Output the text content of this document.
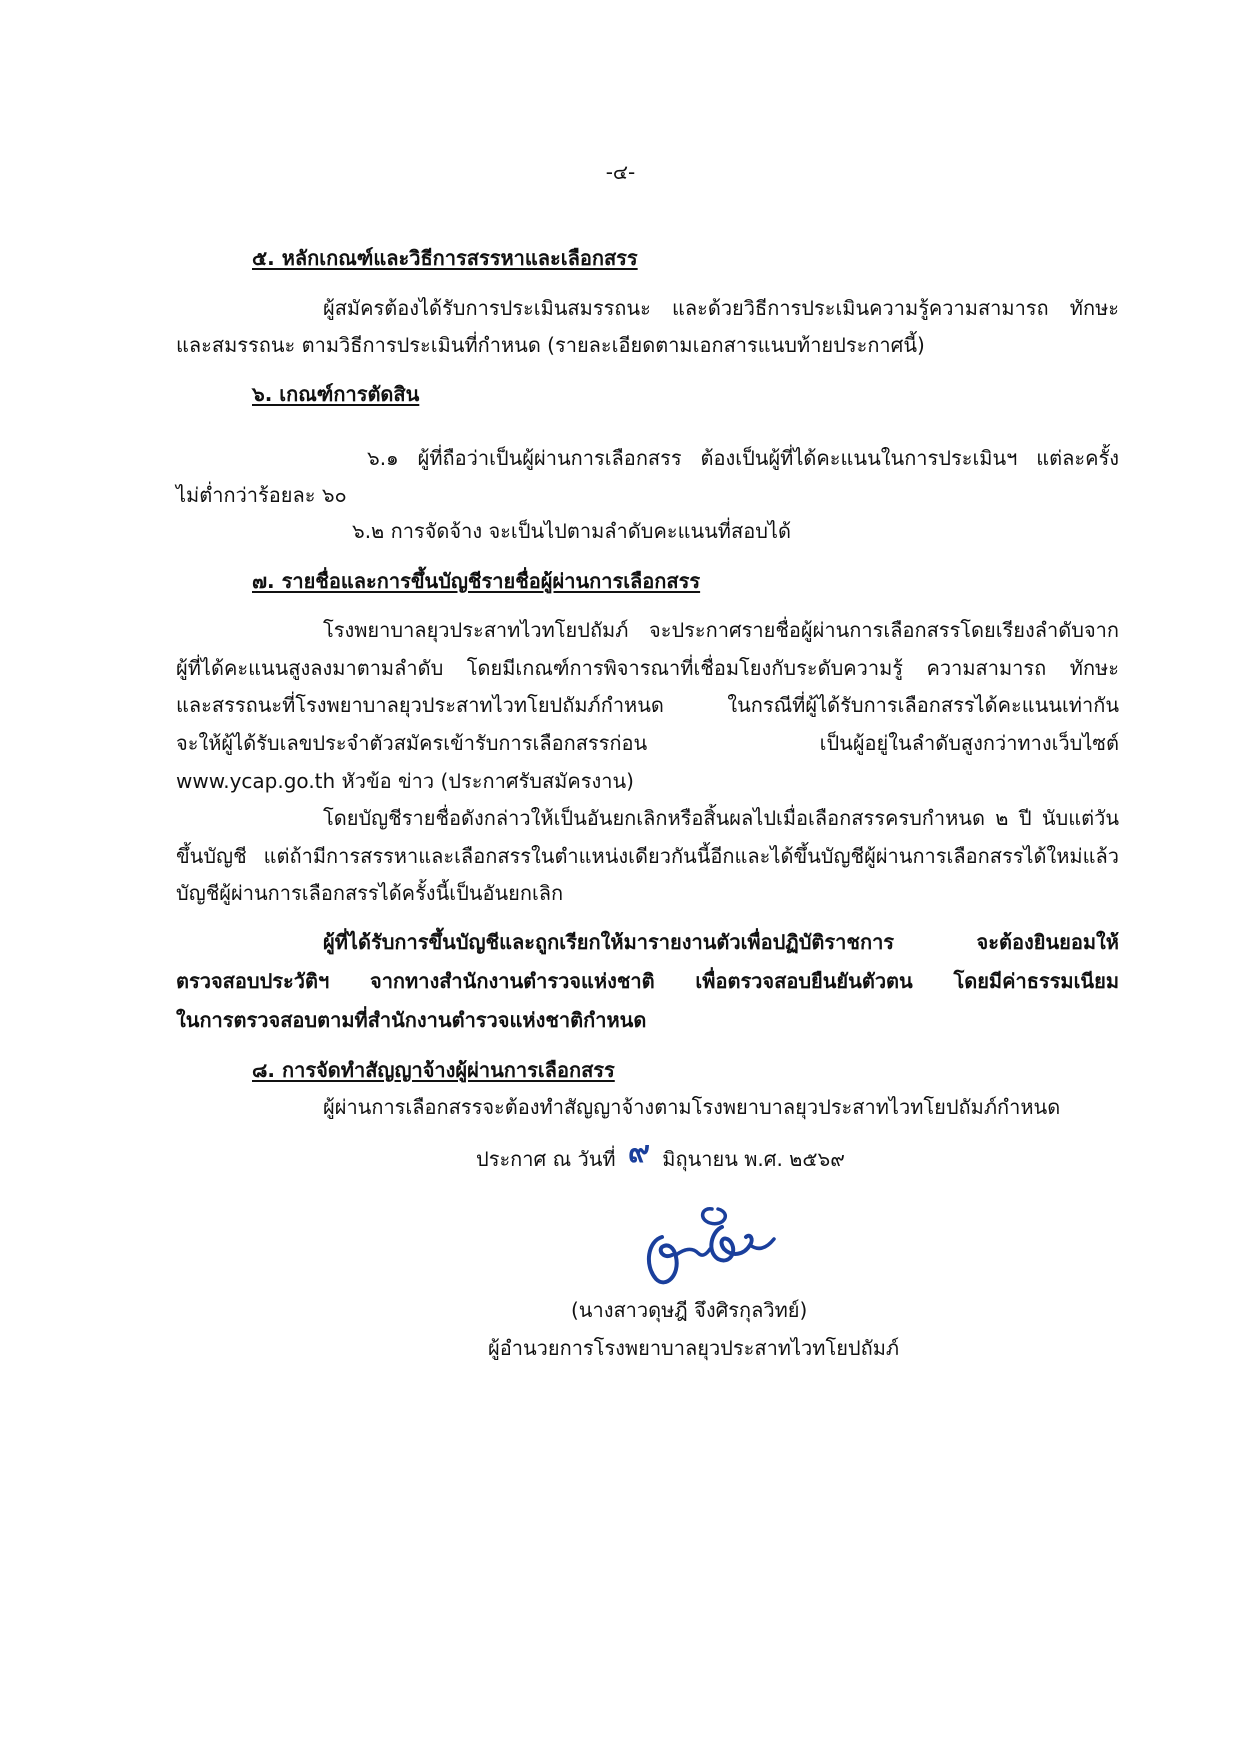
-๔-
๕. หลักเกณฑ์และวิธีการสรรหาและเลือกสรร
ผู้สมัครต้องได้รับการประเมินสมรรถนะ และด้วยวิธีการประเมินความรู้ความสามารถ ทักษะ
และสมรรถนะ ตามวิธีการประเมินที่กำหนด (รายละเอียดตามเอกสารแนบท้ายประกาศนี้)
๖. เกณฑ์การตัดสิน
๖.๑ ผู้ที่ถือว่าเป็นผู้ผ่านการเลือกสรร ต้องเป็นผู้ที่ได้คะแนนในการประเมินฯ แต่ละครั้ง
ไม่ต่ำกว่าร้อยละ ๖๐
๖.๒ การจัดจ้าง จะเป็นไปตามลำดับคะแนนที่สอบได้
๗. รายชื่อและการขึ้นบัญชีรายชื่อผู้ผ่านการเลือกสรร
โรงพยาบาลยุวประสาทไวทโยปถัมภ์ จะประกาศรายชื่อผู้ผ่านการเลือกสรรโดยเรียงลำดับจาก
ผู้ที่ได้คะแนนสูงลงมาตามลำดับ โดยมีเกณฑ์การพิจารณาที่เชื่อมโยงกับระดับความรู้ ความสามารถ ทักษะ
และสรรถนะที่โรงพยาบาลยุวประสาทไวทโยปถัมภ์กำหนด ในกรณีที่ผู้ได้รับการเลือกสรรได้คะแนนเท่ากัน
จะให้ผู้ได้รับเลขประจำตัวสมัครเข้ารับการเลือกสรรก่อน เป็นผู้อยู่ในลำดับสูงกว่าทางเว็บไซต์
www.ycap.go.th หัวข้อ ข่าว (ประกาศรับสมัครงาน)
โดยบัญชีรายชื่อดังกล่าวให้เป็นอันยกเลิกหรือสิ้นผลไปเมื่อเลือกสรรครบกำหนด ๒ ปี นับแต่วัน
ขึ้นบัญชี แต่ถ้ามีการสรรหาและเลือกสรรในตำแหน่งเดียวกันนี้อีกและได้ขึ้นบัญชีผู้ผ่านการเลือกสรรได้ใหม่แล้ว
บัญชีผู้ผ่านการเลือกสรรได้ครั้งนี้เป็นอันยกเลิก
ผู้ที่ได้รับการขึ้นบัญชีและถูกเรียกให้มารายงานตัวเพื่อปฏิบัติราชการ จะต้องยินยอมให้
ตรวจสอบประวัติฯ จากทางสำนักงานตำรวจแห่งชาติ เพื่อตรวจสอบยืนยันตัวตน โดยมีค่าธรรมเนียม
ในการตรวจสอบตามที่สำนักงานตำรวจแห่งชาติกำหนด
๘. การจัดทำสัญญาจ้างผู้ผ่านการเลือกสรร
ผู้ผ่านการเลือกสรรจะต้องทำสัญญาจ้างตามโรงพยาบาลยุวประสาทไวทโยปถัมภ์กำหนด
ประกาศ ณ วันที่ ๙ มิถุนายน พ.ศ. ๒๕๖๙
(นางสาวดุษฎี จึงศิรกุลวิทย์)
ผู้อำนวยการโรงพยาบาลยุวประสาทไวทโยปถัมภ์
